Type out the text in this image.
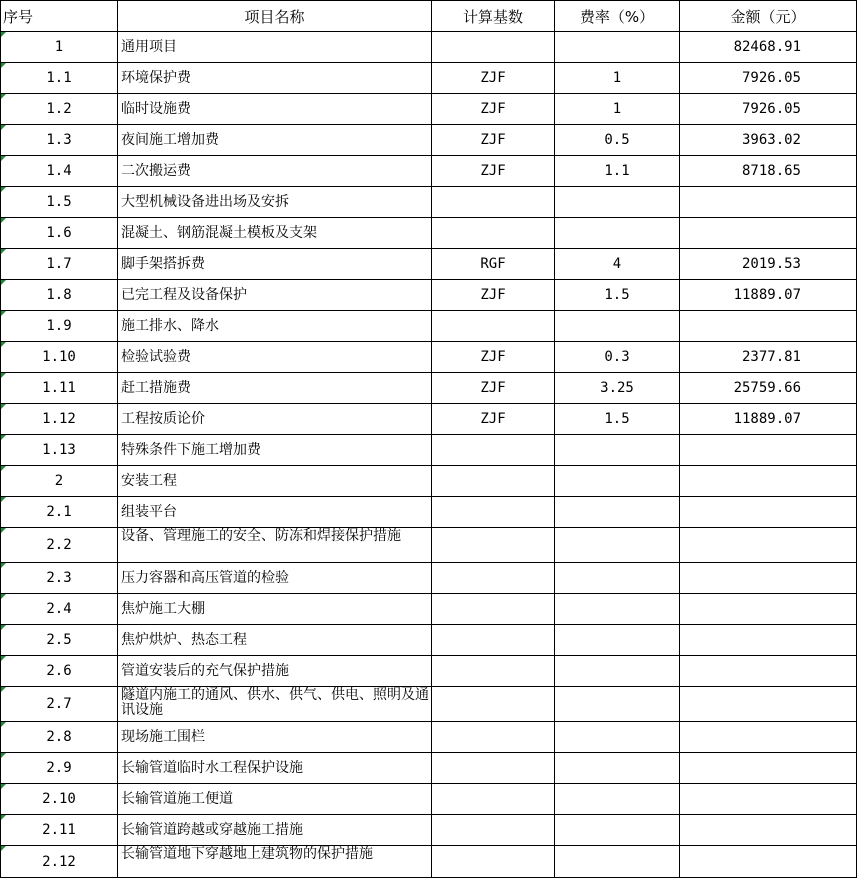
序号	项目名称	计算基数	费率（%）	金额（元）

1	通用项目			82468.91

1.1	环境保护费	ZJF	1	7926.05

1.2	临时设施费	ZJF	1	7926.05

1.3	夜间施工增加费	ZJF	0.5	3963.02

1.4	二次搬运费	ZJF	1.1	8718.65

1.5	大型机械设备进出场及安拆			

1.6	混凝土、钢筋混凝土模板及支架			

1.7	脚手架搭拆费	RGF	4	2019.53

1.8	已完工程及设备保护	ZJF	1.5	11889.07

1.9	施工排水、降水			

1.10	检验试验费	ZJF	0.3	2377.81

1.11	赶工措施费	ZJF	3.25	25759.66

1.12	工程按质论价	ZJF	1.5	11889.07

1.13	特殊条件下施工增加费			

2	安装工程			

2.1	组装平台			

2.2	设备、管理施工的安全、防冻和焊接保护措施			

2.3	压力容器和高压管道的检验			

2.4	焦炉施工大棚			

2.5	焦炉烘炉、热态工程			

2.6	管道安装后的充气保护措施			

2.7	隧道内施工的通风、供水、供气、供电、照明及通讯设施			

2.8	现场施工围栏			

2.9	长输管道临时水工程保护设施			

2.10	长输管道施工便道			

2.11	长输管道跨越或穿越施工措施			

2.12	长输管道地下穿越地上建筑物的保护措施			
